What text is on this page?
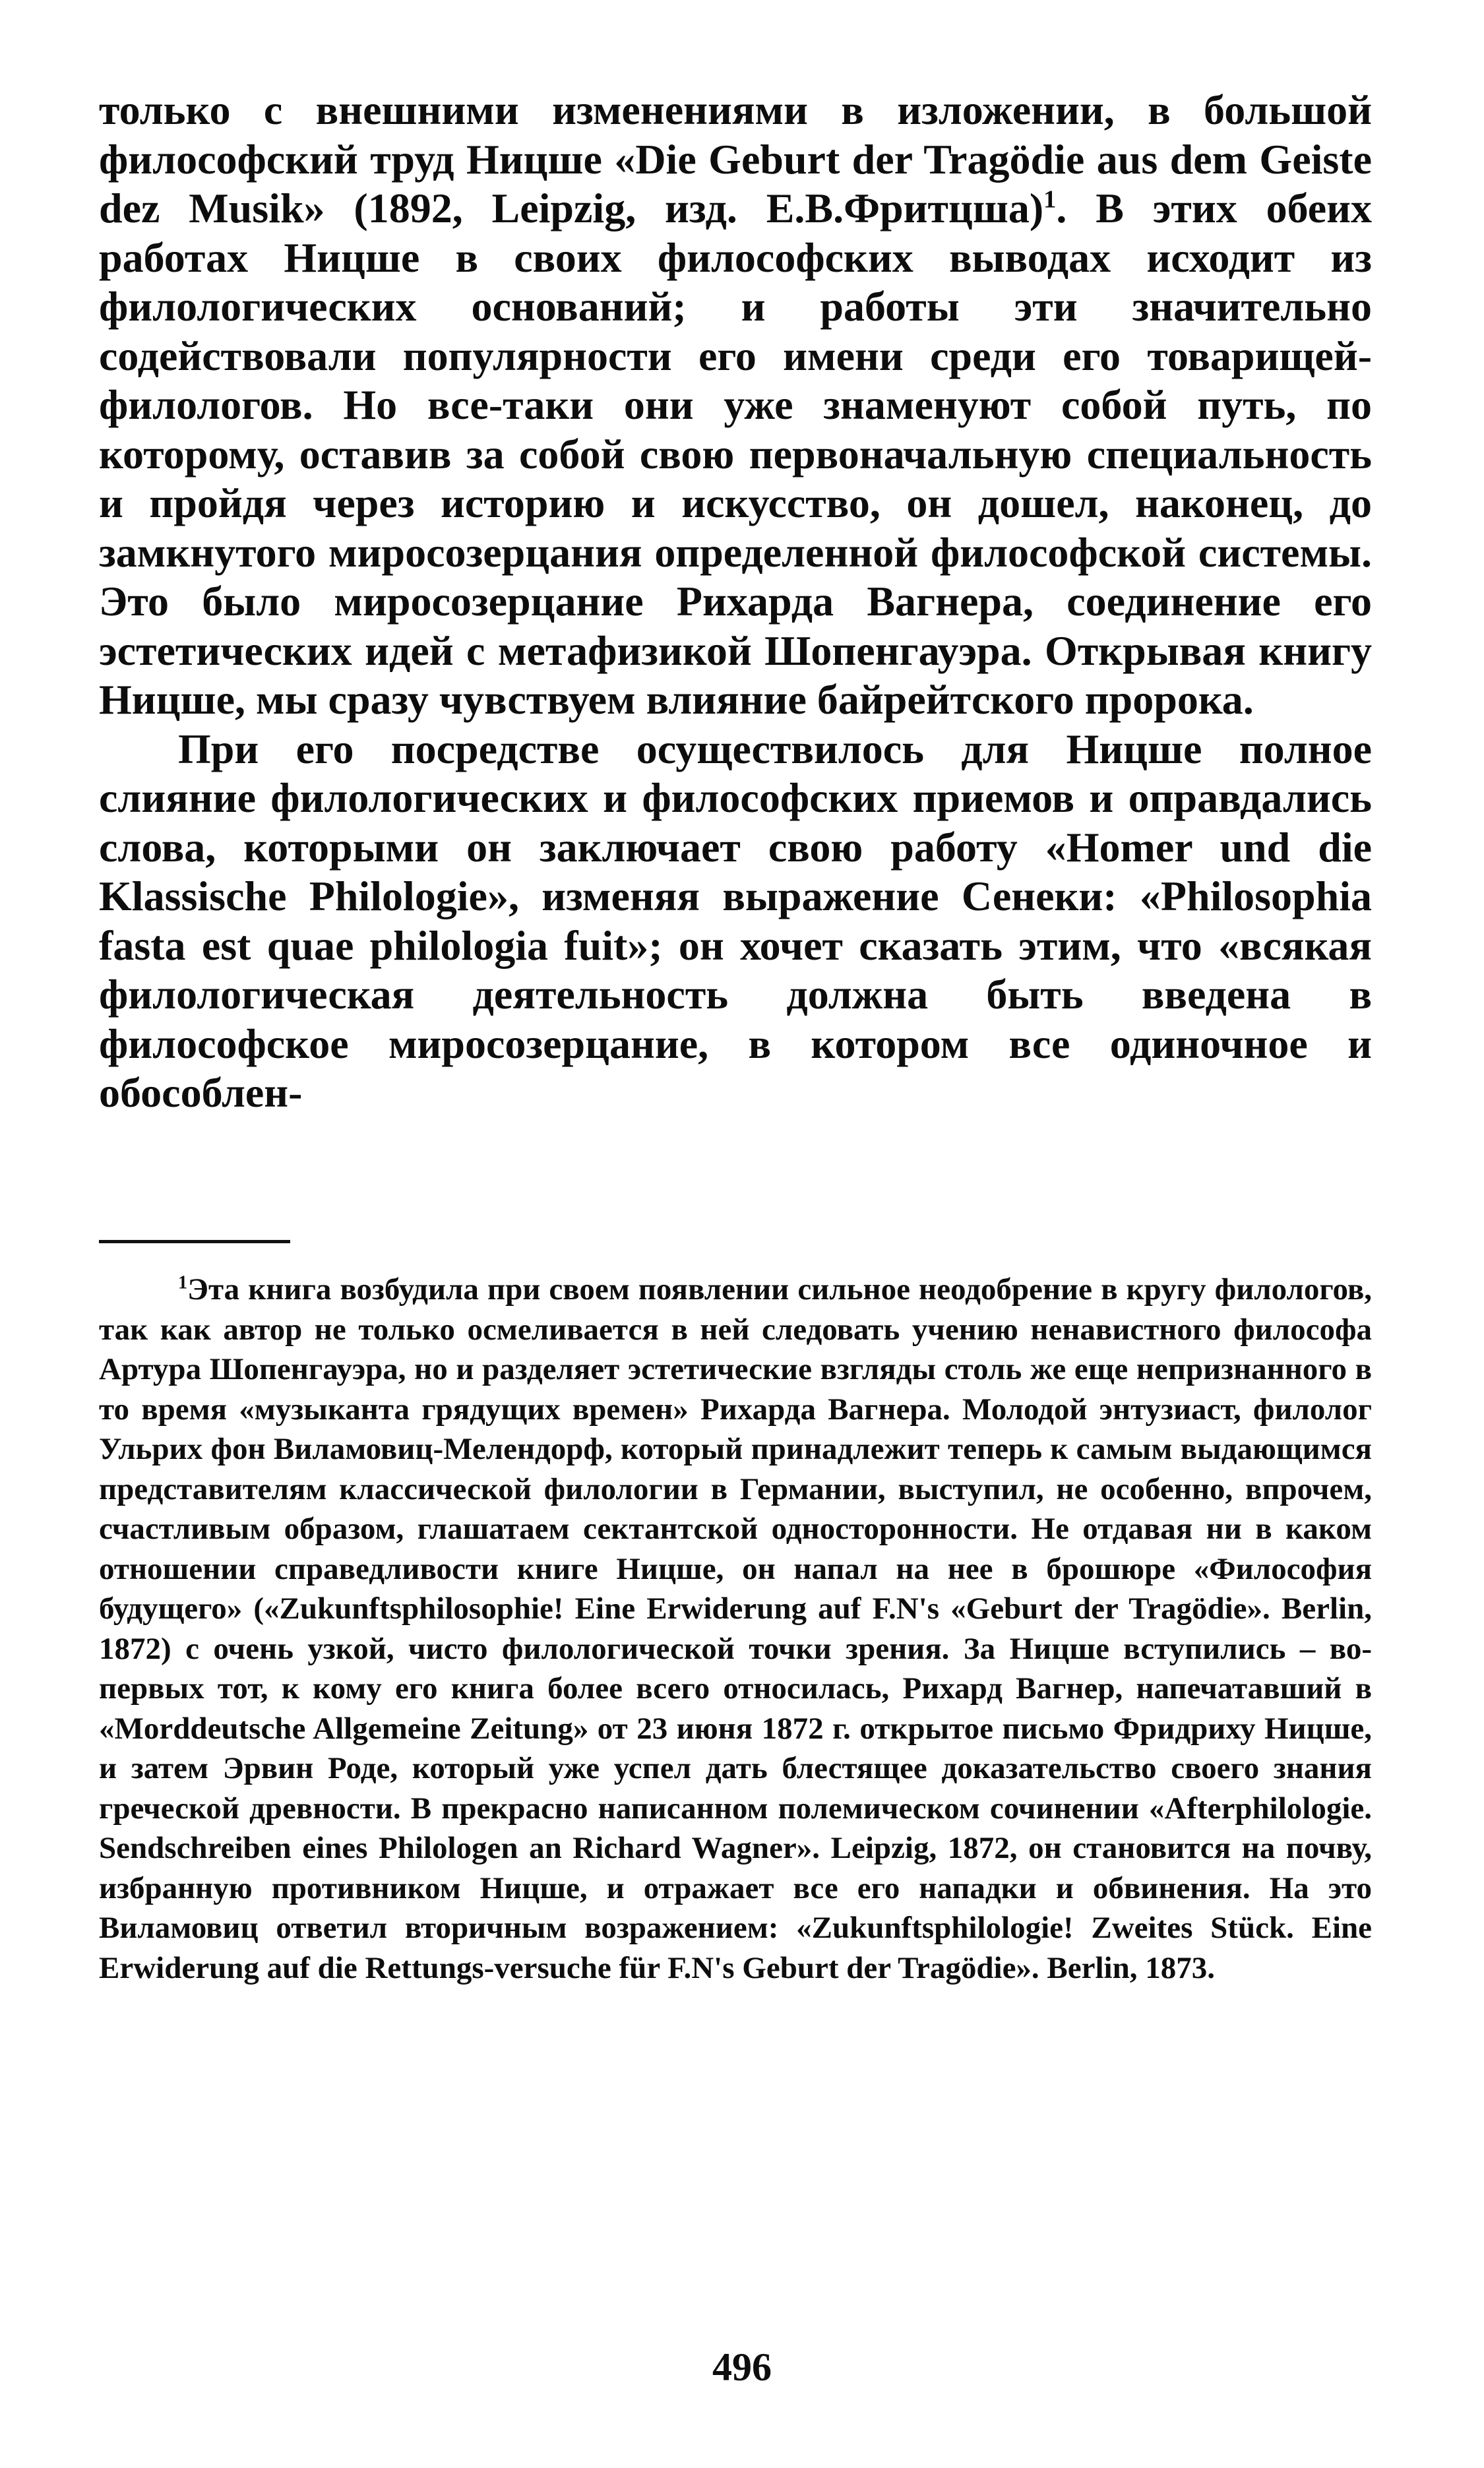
только с внешними изменениями в изложении, в большой философский труд Ницше «Die Geburt der Tragödie aus dem Geiste dez Musik» (1892, Leipzig, изд. Е.В.Фритцша)$^1$. В этих обеих работах Ницше в своих философских выводах исходит из филологических оснований; и работы эти значительно содействовали популярности его имени среди его товарищей-филологов. Но все-таки они уже знаменуют собой путь, по которому, оставив за собой свою первоначальную специальность и пройдя через историю и искусство, он дошел, наконец, до замкнутого миросозерцания определенной философской системы. Это было миросозерцание Рихарда Вагнера, соединение его эстетических идей с метафизикой Шопенгауэра. Открывая книгу Ницше, мы сразу чувствуем влияние байрейтского пророка.

При его посредстве осуществилось для Ницше полное слияние филологических и философских приемов и оправдались слова, которыми он заключает свою работу «Homer und die Klassische Philologie», изменяя выражение Сенеки: «Philosophia fasta est quae philologia fuit»; он хочет сказать этим, что «всякая филологическая деятельность должна быть введена в философское миросозерцание, в котором все одиночное и обособлен-

$^1$Эта книга возбудила при своем появлении сильное неодобрение в кругу филологов, так как автор не только осмеливается в ней следовать учению ненавистного философа Артура Шопенгауэра, но и разделяет эстетические взгляды столь же еще непризнанного в то время «музыканта грядущих времен» Рихарда Вагнера. Молодой энтузиаст, филолог Ульрих фон Виламовиц-Мелендорф, который принадлежит теперь к самым выдающимся представителям классической филологии в Германии, выступил, не особенно, впрочем, счастливым образом, глашатаем сектантской односторонности. Не отдавая ни в каком отношении справедливости книге Ницше, он напал на нее в брошюре «Философия будущего» («Zukunftsphilosophie! Eine Erwiderung auf F.N's «Geburt der Tragödie». Berlin, 1872) с очень узкой, чисто филологической точки зрения. За Ницше вступились – во-первых тот, к кому его книга более всего относилась, Рихард Вагнер, напечатавший в «Morddeutsche Allgemeine Zeitung» от 23 июня 1872 г. открытое письмо Фридриху Ницше, и затем Эрвин Роде, который уже успел дать блестящее доказательство своего знания греческой древности. В прекрасно написанном полемическом сочинении «Afterphilologie. Sendschreiben eines Philologen an Richard Wagner». Leipzig, 1872, он становится на почву, избранную противником Ницше, и отражает все его нападки и обвинения. На это Виламовиц ответил вторичным возражением: «Zukunftsphilologie! Zweites Stück. Eine Erwiderung auf die Rettungs-versuche für F.N's Geburt der Tragödie». Berlin, 1873.

496
